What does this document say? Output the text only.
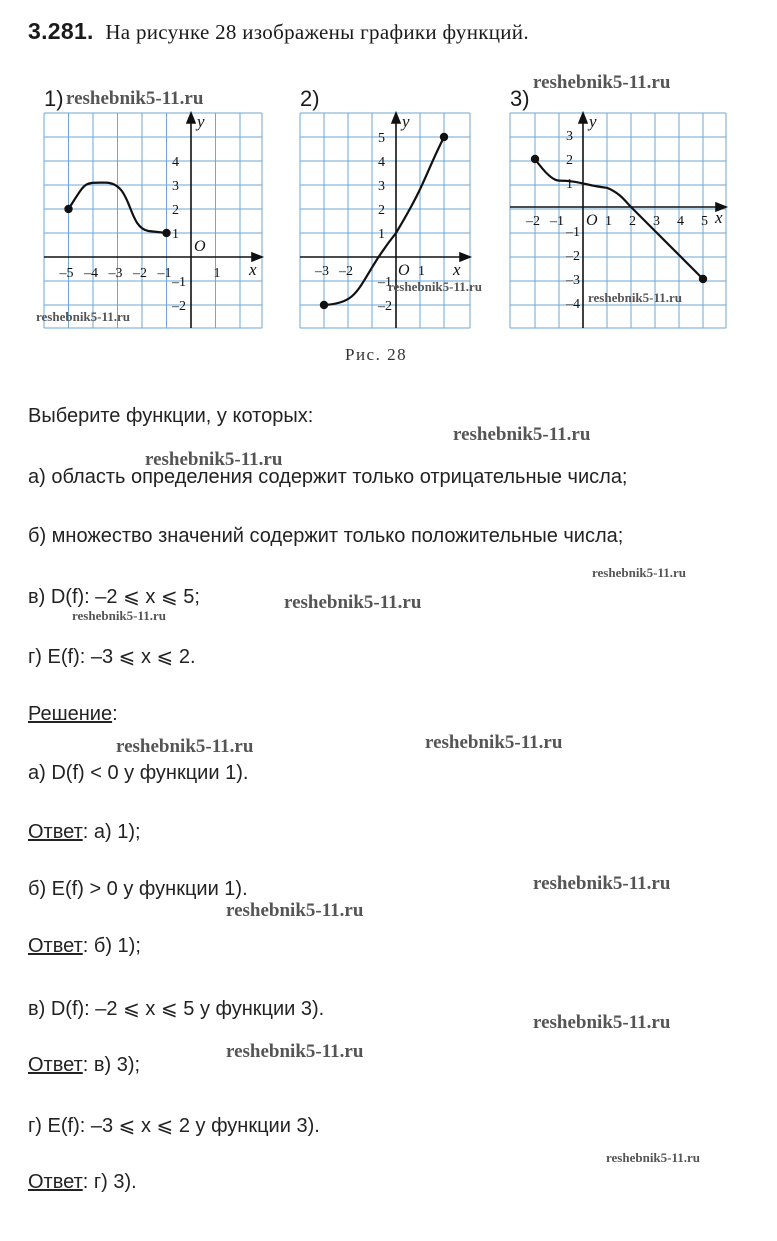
3.281. На рисунке 28 изображены графики функций.
1)	2)	3)
x
y
O
–5 –4 –3 –2 –1	1
4
3
2
1
–1
–2
x
y
O
–3 –2	1
5
4
3
2
1
–1
–2
x
y
O
–2 –1	1 2 3 4 5
3
2
1
–1
–2
–3
–4
Рис. 28
Выберите функции, у которых:
а) область определения содержит только отрицательные числа;
б) множество значений содержит только положительные числа;
в) D(f): –2 ⩽ x ⩽ 5;
г) E(f): –3 ⩽ x ⩽ 2.
Решение:
а) D(f) < 0 у функции 1).
Ответ: а) 1);
б) E(f) > 0 у функции 1).
Ответ: б) 1);
в) D(f): –2 ⩽ x ⩽ 5 у функции 3).
Ответ: в) 3);
г) E(f): –3 ⩽ x ⩽ 2 у функции 3).
Ответ: г) 3).
reshebnik5-11.ru
reshebnik5-11.ru
reshebnik5-11.ru
reshebnik5-11.ru
reshebnik5-11.ru
reshebnik5-11.ru
reshebnik5-11.ru
reshebnik5-11.ru
reshebnik5-11.ru
reshebnik5-11.ru
reshebnik5-11.ru	reshebnik5-11.ru
reshebnik5-11.ru
reshebnik5-11.ru
reshebnik5-11.ru
reshebnik5-11.ru
reshebnik5-11.ru
